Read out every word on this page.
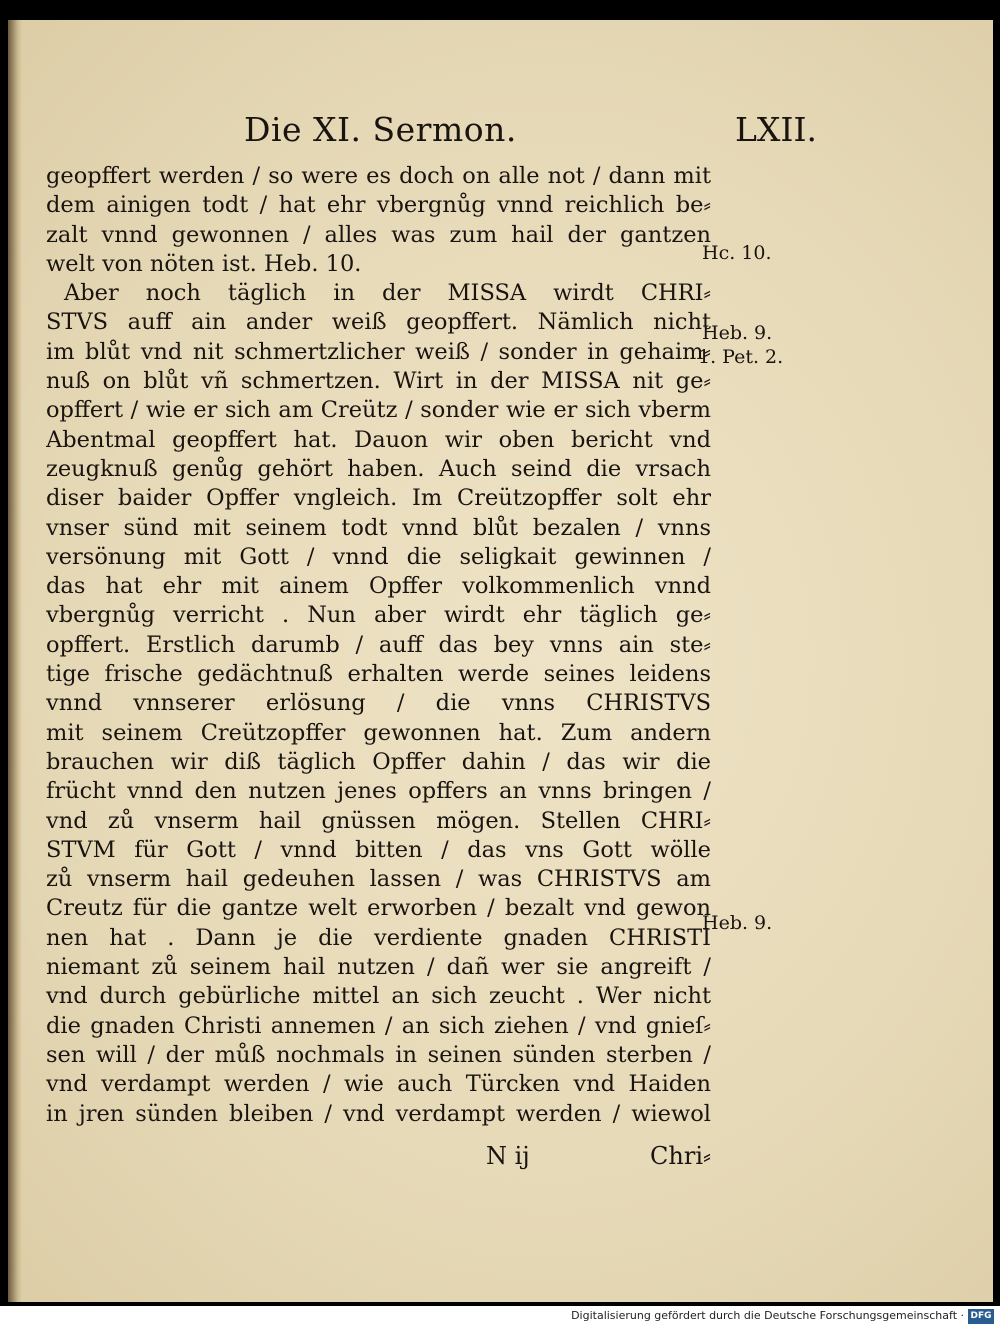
Die XI. Sermon.	LXII.
geopffert werden / so were es doch on alle not / dann mit
dem ainigen todt / hat ehr vbergnůg vnnd reichlich be⸗
zalt vnnd gewonnen / alles was zum hail der gantzen
welt von nöten ist. Heb. 10.
Aber noch täglich in der MISSA wirdt CHRI⸗
STVS auff ain ander weiß geopffert. Nämlich nicht
im blůt vnd nit schmertzlicher weiß / sonder in gehaim⸗
nuß on blůt vñ schmertzen. Wirt in der MISSA nit ge⸗
opffert / wie er sich am Creütz / sonder wie er sich vberm
Abentmal geopffert hat. Dauon wir oben bericht vnd
zeugknuß genůg gehört haben. Auch seind die vrsach
diser baider Opffer vngleich. Im Creützopffer solt ehr
vnser sünd mit seinem todt vnnd blůt bezalen / vnns
versönung mit Gott / vnnd die seligkait gewinnen /
das hat ehr mit ainem Opffer volkommenlich vnnd
vbergnůg verricht . Nun aber wirdt ehr täglich ge⸗
opffert. Erstlich darumb / auff das bey vnns ain ste⸗
tige frische gedächtnuß erhalten werde seines leidens
vnnd vnnserer erlösung / die vnns CHRISTVS
mit seinem Creützopffer gewonnen hat. Zum andern
brauchen wir diß täglich Opffer dahin / das wir die
frücht vnnd den nutzen jenes opffers an vnns bringen /
vnd zů vnserm hail gnüssen mögen. Stellen CHRI⸗
STVM für Gott / vnnd bitten / das vns Gott wölle
zů vnserm hail gedeuhen lassen / was CHRISTVS am
Creutz für die gantze welt erworben / bezalt vnd gewon
nen hat . Dann je die verdiente gnaden CHRISTI
niemant zů seinem hail nutzen / dañ wer sie angreift /
vnd durch gebürliche mittel an sich zeucht . Wer nicht
die gnaden Christi annemen / an sich ziehen / vnd gnieſ⸗
sen will / der můß nochmals in seinen sünden sterben /
vnd verdampt werden / wie auch Türcken vnd Haiden
in jren sünden bleiben / vnd verdampt werden / wiewol
Hc. 10.
Heb. 9.
1. Pet. 2.
Heb. 9.
N ij	Chri⸗
Digitalisierung gefördert durch die Deutsche Forschungsgemeinschaft · DFG
